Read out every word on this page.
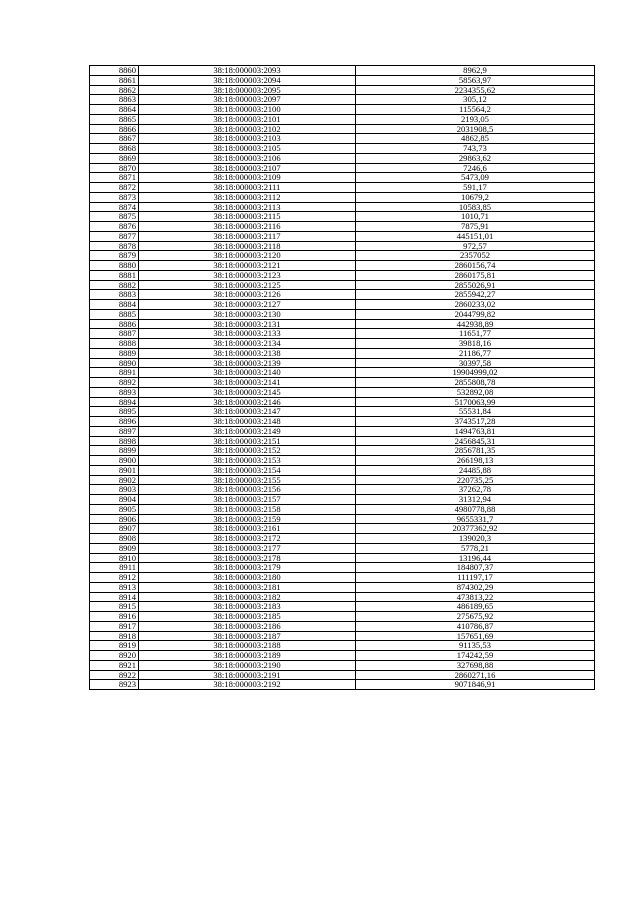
8860	38:18:000003:2093	8962,9
8861	38:18:000003:2094	58563,97
8862	38:18:000003:2095	2234355,62
8863	38:18:000003:2097	305,12
8864	38:18:000003:2100	115564,2
8865	38:18:000003:2101	2193,05
8866	38:18:000003:2102	2031908,5
8867	38:18:000003:2103	4862,85
8868	38:18:000003:2105	743,73
8869	38:18:000003:2106	29863,62
8870	38:18:000003:2107	7246,6
8871	38:18:000003:2109	5473,09
8872	38:18:000003:2111	591,17
8873	38:18:000003:2112	10679,2
8874	38:18:000003:2113	10583,85
8875	38:18:000003:2115	1010,71
8876	38:18:000003:2116	7875,91
8877	38:18:000003:2117	445151,01
8878	38:18:000003:2118	972,57
8879	38:18:000003:2120	2357052
8880	38:18:000003:2121	2860156,74
8881	38:18:000003:2123	2860175,81
8882	38:18:000003:2125	2855026,91
8883	38:18:000003:2126	2855942,27
8884	38:18:000003:2127	2860233,02
8885	38:18:000003:2130	2044799,82
8886	38:18:000003:2131	442938,89
8887	38:18:000003:2133	11651,77
8888	38:18:000003:2134	39818,16
8889	38:18:000003:2138	21186,77
8890	38:18:000003:2139	30397,58
8891	38:18:000003:2140	19904999,02
8892	38:18:000003:2141	2855808,78
8893	38:18:000003:2145	532892,08
8894	38:18:000003:2146	5170063,99
8895	38:18:000003:2147	55531,84
8896	38:18:000003:2148	3743517,28
8897	38:18:000003:2149	1494763,81
8898	38:18:000003:2151	2456845,31
8899	38:18:000003:2152	2856781,35
8900	38:18:000003:2153	266198,13
8901	38:18:000003:2154	24485,88
8902	38:18:000003:2155	220735,25
8903	38:18:000003:2156	37262,78
8904	38:18:000003:2157	31312,94
8905	38:18:000003:2158	4980778,88
8906	38:18:000003:2159	9655331,7
8907	38:18:000003:2161	20377362,92
8908	38:18:000003:2172	139020,3
8909	38:18:000003:2177	5778,21
8910	38:18:000003:2178	13196,44
8911	38:18:000003:2179	184807,37
8912	38:18:000003:2180	111197,17
8913	38:18:000003:2181	874302,29
8914	38:18:000003:2182	473813,22
8915	38:18:000003:2183	486189,65
8916	38:18:000003:2185	275675,92
8917	38:18:000003:2186	410786,87
8918	38:18:000003:2187	157651,69
8919	38:18:000003:2188	91135,53
8920	38:18:000003:2189	174242,59
8921	38:18:000003:2190	327698,88
8922	38:18:000003:2191	2860271,16
8923	38:18:000003:2192	9071846,91
